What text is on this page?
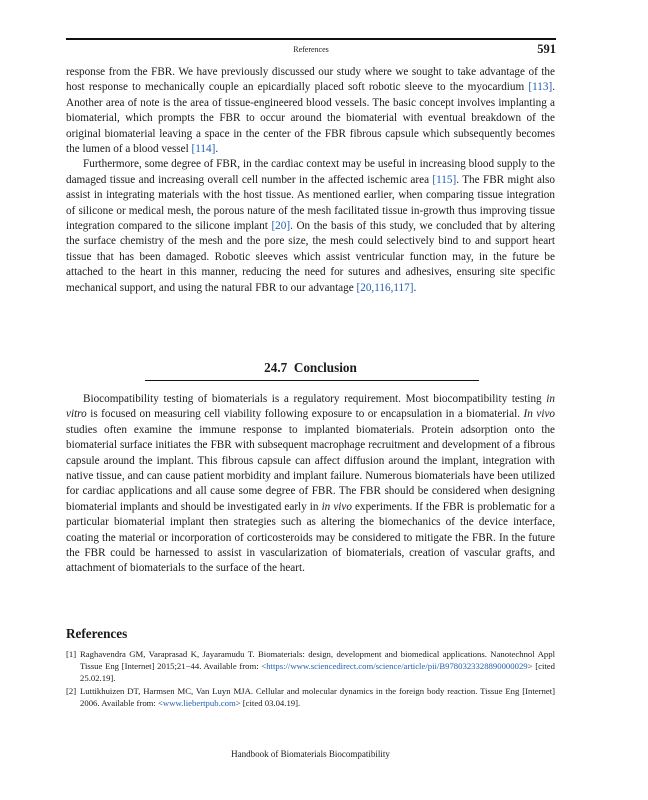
References	591

response from the FBR. We have previously discussed our study where we sought to take advantage of the host response to mechanically couple an epicardially placed soft robotic sleeve to the myocardium [113]. Another area of note is the area of tissue-engineered blood vessels. The basic concept involves implanting a biomaterial, which prompts the FBR to occur around the biomaterial with eventual breakdown of the original biomaterial leaving a space in the center of the FBR fibrous capsule which subsequently becomes the lumen of a blood vessel [114].

Furthermore, some degree of FBR, in the cardiac context may be useful in increasing blood supply to the damaged tissue and increasing overall cell number in the affected ischemic area [115]. The FBR might also assist in integrating materials with the host tissue. As mentioned earlier, when comparing tissue integration of silicone or medical mesh, the porous nature of the mesh facilitated tissue in-growth thus improving tissue integration compared to the silicone implant [20]. On the basis of this study, we concluded that by altering the surface chemistry of the mesh and the pore size, the mesh could selectively bind to and support heart tissue that has been damaged. Robotic sleeves which assist ventricular function may, in the future be attached to the heart in this manner, reducing the need for sutures and adhesives, ensuring site specific mechanical support, and using the natural FBR to our advantage [20,116,117].

24.7 Conclusion

Biocompatibility testing of biomaterials is a regulatory requirement. Most biocompatibility testing in vitro is focused on measuring cell viability following exposure to or encapsulation in a biomaterial. In vivo studies often examine the immune response to implanted biomaterials. Protein adsorption onto the biomaterial surface initiates the FBR with subsequent macrophage recruitment and development of a fibrous capsule around the implant. This fibrous capsule can affect diffusion around the implant, integration with native tissue, and can cause patient morbidity and implant failure. Numerous biomaterials have been utilized for cardiac applications and all cause some degree of FBR. The FBR should be considered when designing biomaterial implants and should be investigated early in in vivo experiments. If the FBR is problematic for a particular biomaterial implant then strategies such as altering the biomechanics of the device interface, coating the material or incorporation of corticosteroids may be considered to mitigate the FBR. In the future the FBR could be harnessed to assist in vascularization of biomaterials, creation of vascular grafts, and attachment of biomaterials to the surface of the heart.

References
[1] Raghavendra GM, Varaprasad K, Jayaramudu T. Biomaterials: design, development and biomedical applications. Nanotechnol Appl Tissue Eng [Internet] 2015;21−44. Available from: <https://www.sciencedirect.com/science/article/pii/B9780323328890000029> [cited 25.02.19].
[2] Luttikhuizen DT, Harmsen MC, Van Luyn MJA. Cellular and molecular dynamics in the foreign body reaction. Tissue Eng [Internet] 2006. Available from: <www.liebertpub.com> [cited 03.04.19].
Handbook of Biomaterials Biocompatibility
